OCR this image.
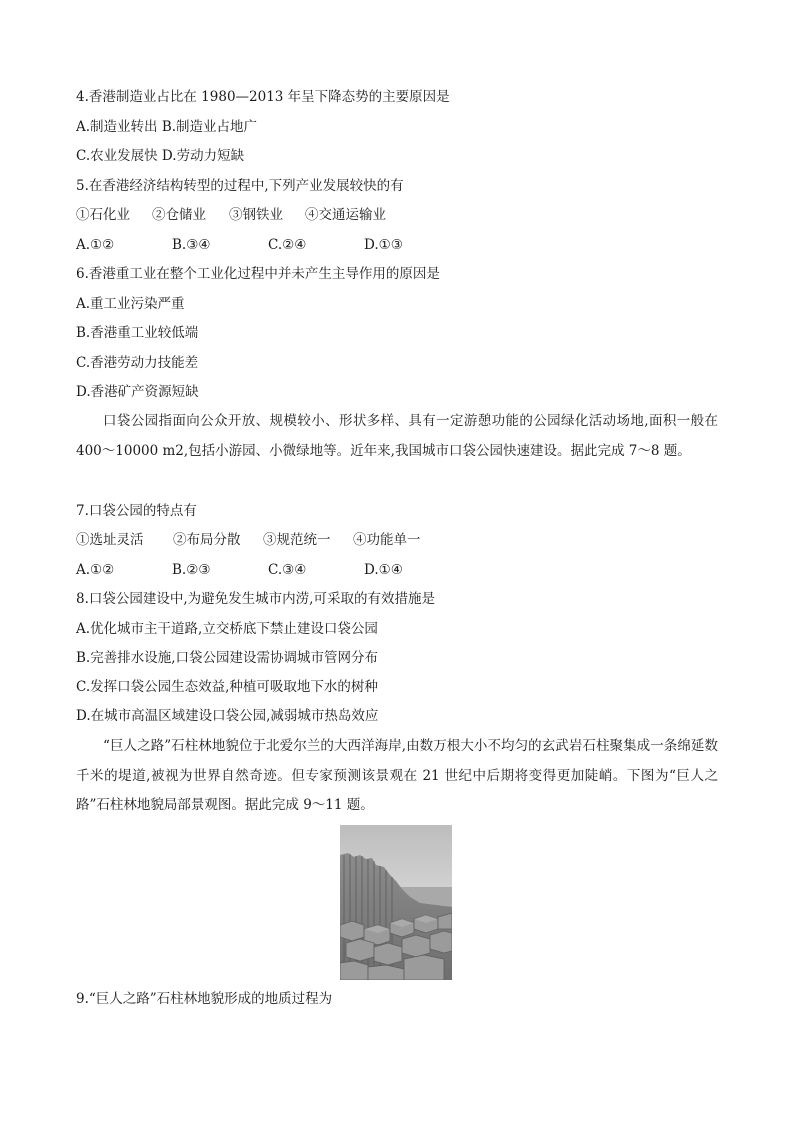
4.香港制造业占比在 1980—2013 年呈下降态势的主要原因是
A.制造业转出 B.制造业占地广
C.农业发展快 D.劳动力短缺
5.在香港经济结构转型的过程中,下列产业发展较快的有
①石化业 ②仓储业 ③钢铁业 ④交通运输业
A.①②	B.③④	C.②④	D.①③
6.香港重工业在整个工业化过程中并未产生主导作用的原因是
A.重工业污染严重
B.香港重工业较低端
C.香港劳动力技能差
D.香港矿产资源短缺
口袋公园指面向公众开放、规模较小、形状多样、具有一定游憩功能的公园绿化活动场地,面积一般在 400～10000 m2,包括小游园、小微绿地等。近年来,我国城市口袋公园快速建设。据此完成 7～8 题。
7.口袋公园的特点有
①选址灵活 ②布局分散 ③规范统一 ④功能单一
A.①②	B.②③	C.③④	D.①④
8.口袋公园建设中,为避免发生城市内涝,可采取的有效措施是
A.优化城市主干道路,立交桥底下禁止建设口袋公园
B.完善排水设施,口袋公园建设需协调城市管网分布
C.发挥口袋公园生态效益,种植可吸取地下水的树种
D.在城市高温区域建设口袋公园,减弱城市热岛效应
“巨人之路”石柱林地貌位于北爱尔兰的大西洋海岸,由数万根大小不均匀的玄武岩石柱聚集成一条绵延数千米的堤道,被视为世界自然奇迹。但专家预测该景观在 21 世纪中后期将变得更加陡峭。下图为“巨人之路”石柱林地貌局部景观图。据此完成 9～11 题。
9.“巨人之路”石柱林地貌形成的地质过程为
